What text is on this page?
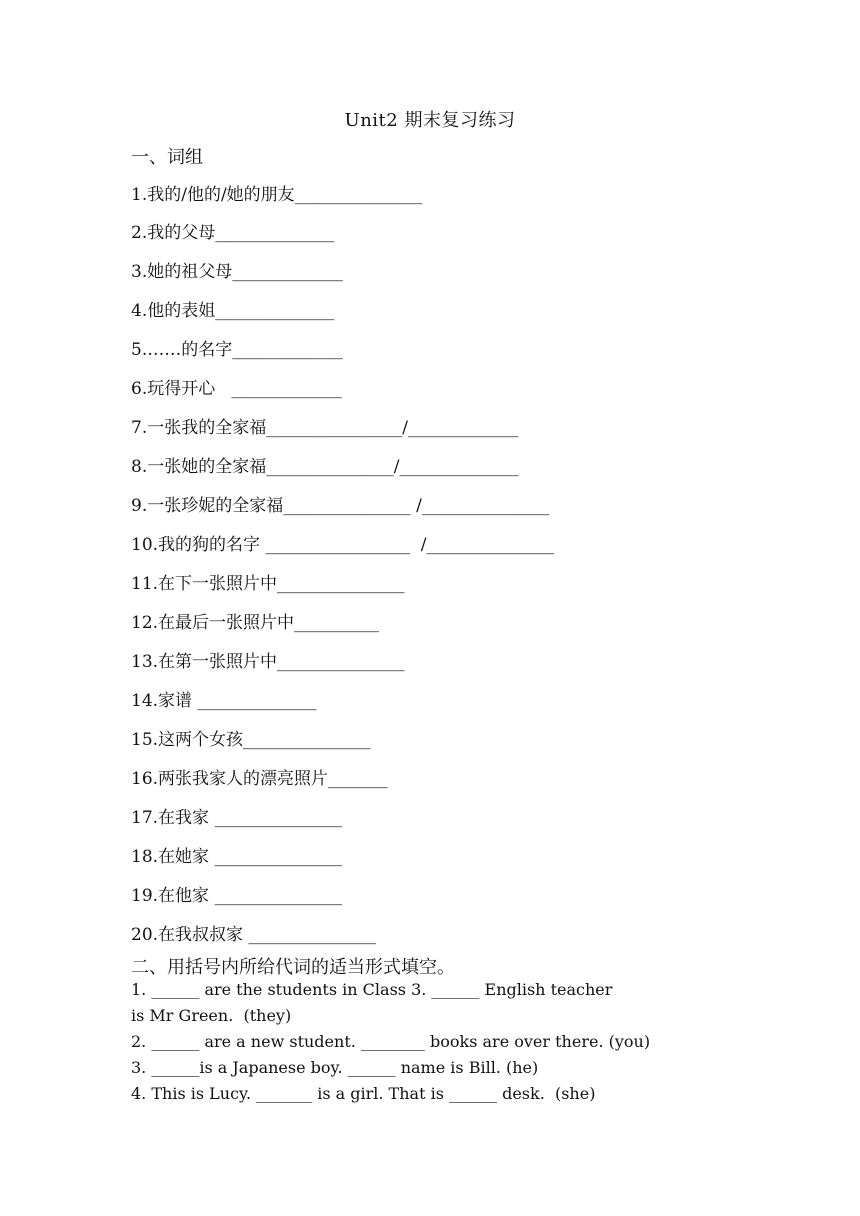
Unit2 期末复习练习
一、词组
1.我的/他的/她的朋友_______________
2.我的父母______________
3.她的祖父母_____________
4.他的表姐______________
5.……的名字_____________
6.玩得开心   _____________
7.一张我的全家福________________/_____________
8.一张她的全家福_______________/______________
9.一张珍妮的全家福_______________ /_______________
10.我的狗的名字 _________________  /_______________
11.在下一张照片中_______________
12.在最后一张照片中__________
13.在第一张照片中_______________
14.家谱 ______________
15.这两个女孩_______________
16.两张我家人的漂亮照片_______
17.在我家 _______________
18.在她家 _______________
19.在他家 _______________
20.在我叔叔家 _______________
二、用括号内所给代词的适当形式填空。
1. ______ are the students in Class 3. ______ English teacher
is Mr Green.  (they)
2. ______ are a new student. ________ books are over there. (you)
3. ______is a Japanese boy. ______ name is Bill. (he)
4. This is Lucy. _______ is a girl. That is ______ desk.  (she)
